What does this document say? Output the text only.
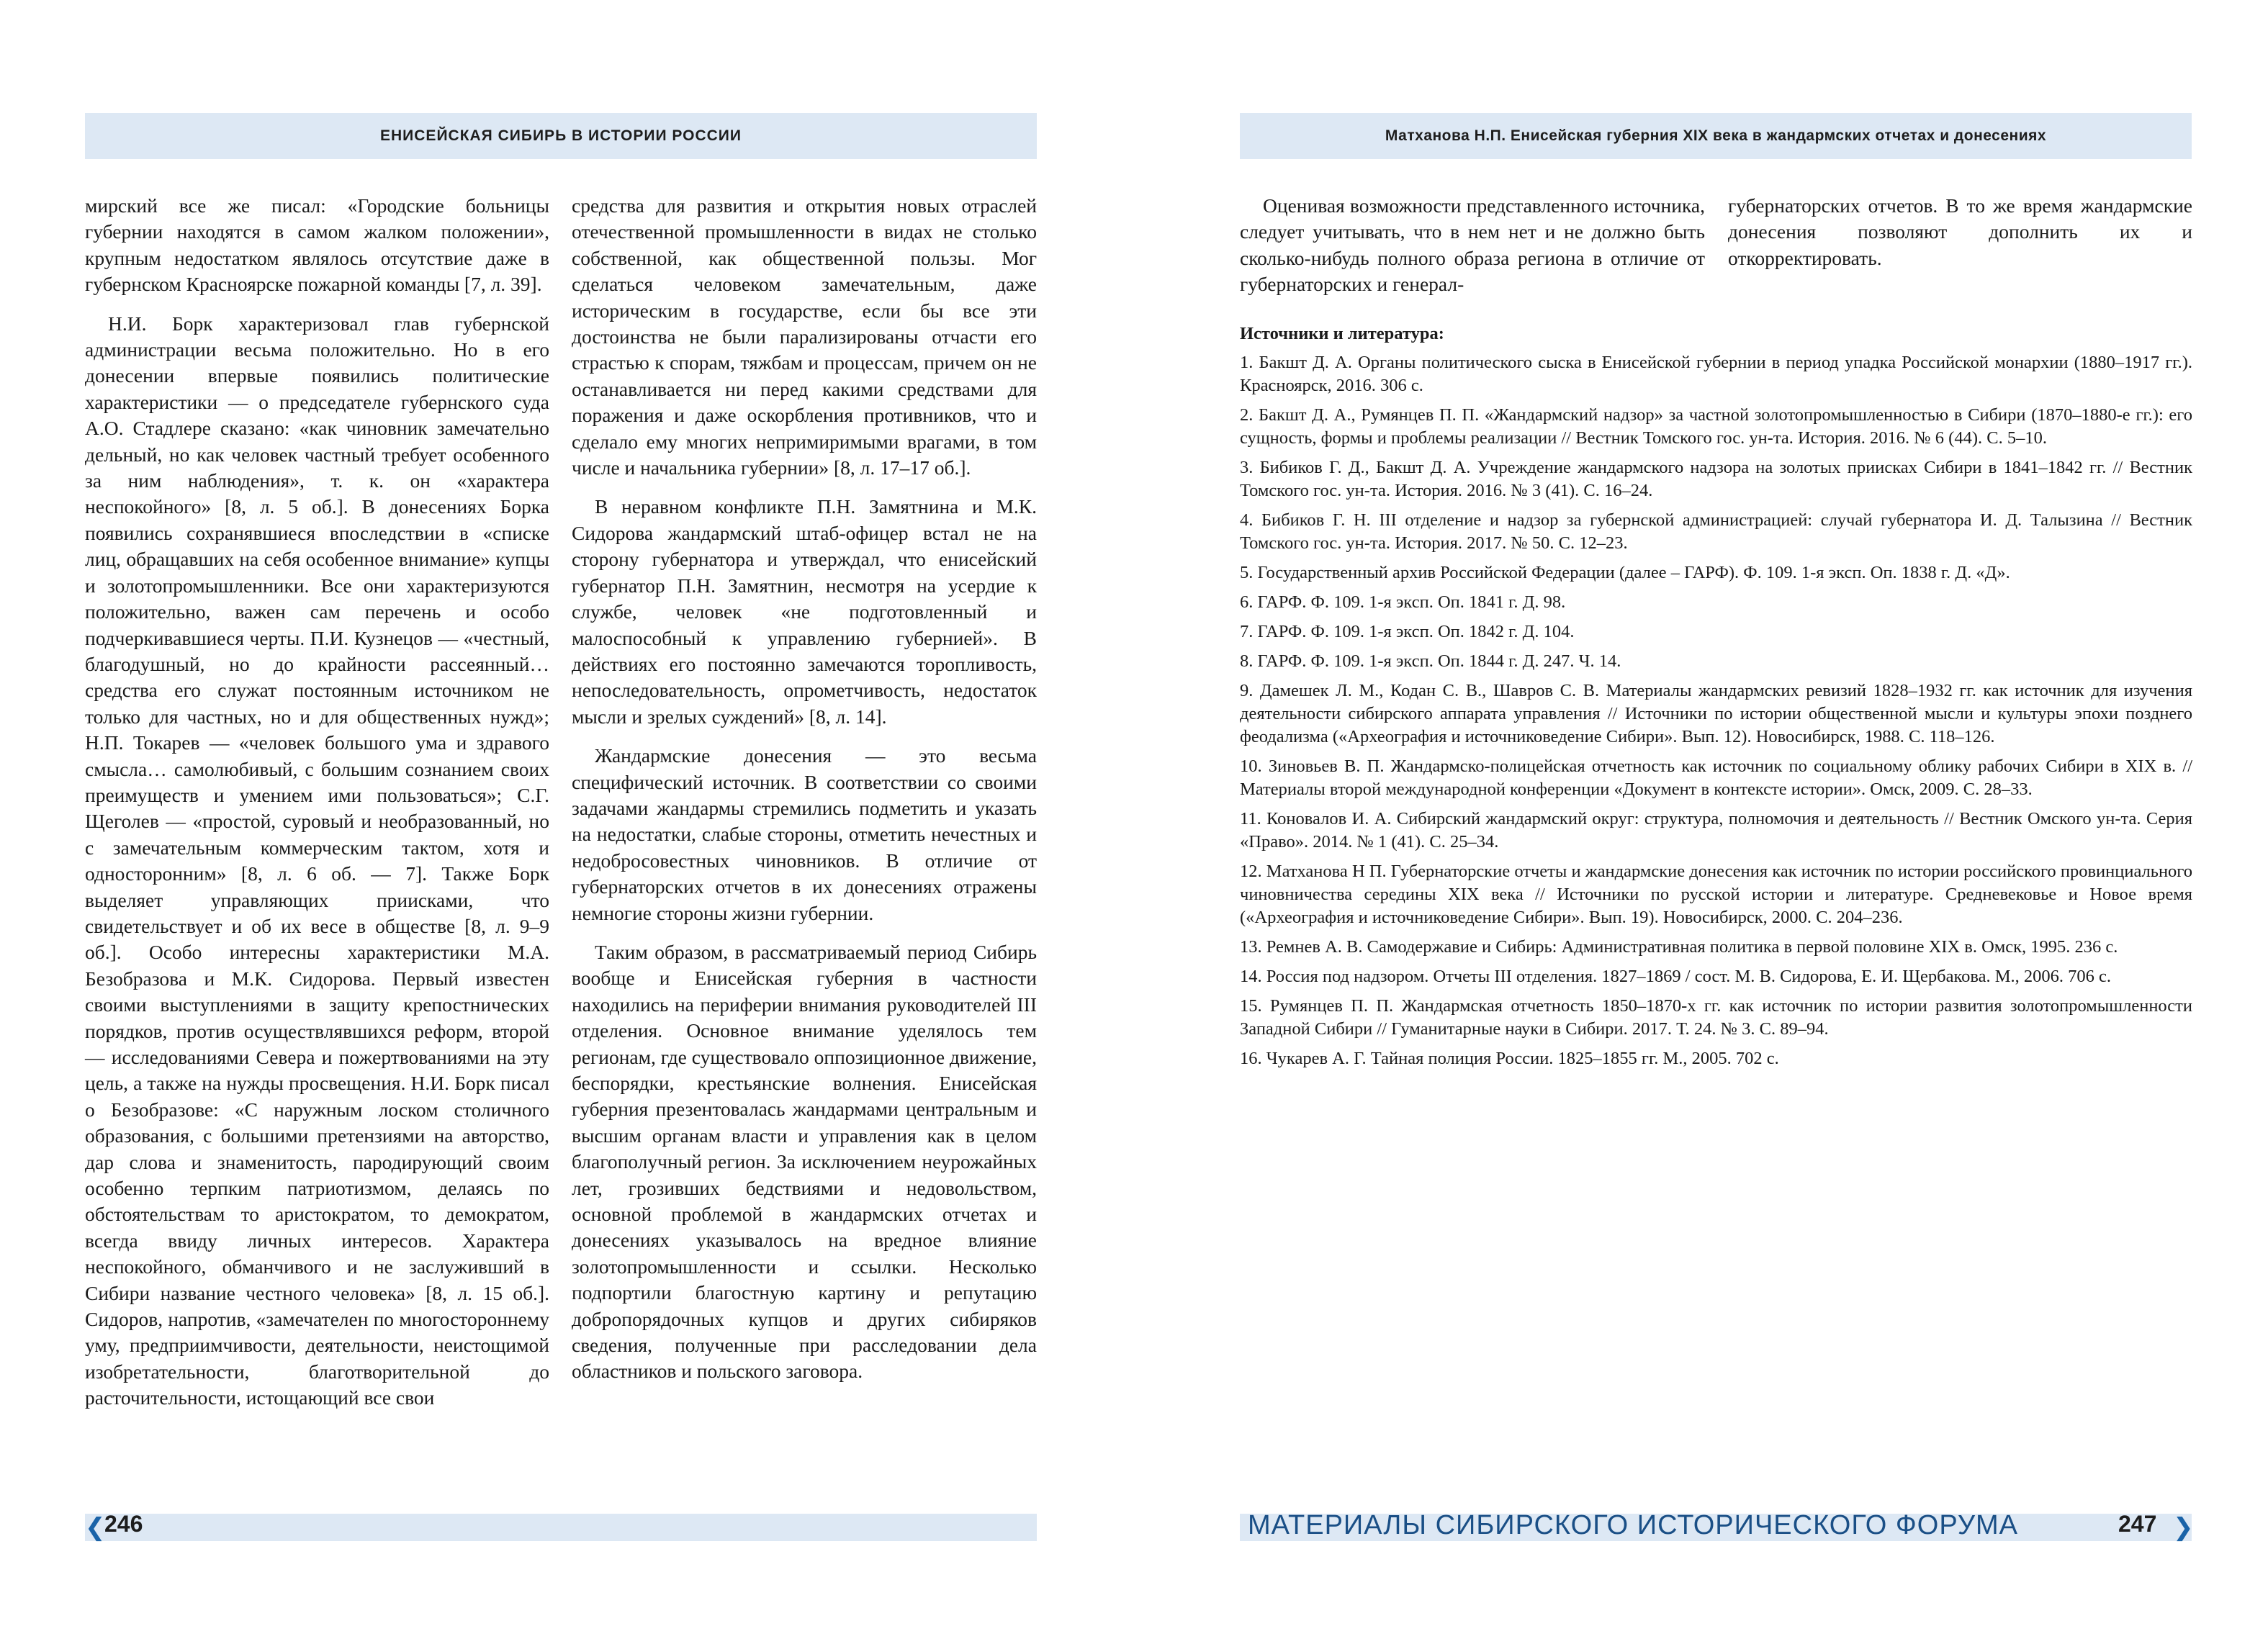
ЕНИСЕЙСКАЯ СИБИРЬ В ИСТОРИИ РОССИИ	Матханова Н.П. Енисейская губерния XIX века в жандармских отчетах и донесениях

мирский все же писал: «Городские больницы губернии находятся в самом жалком положении», крупным недостатком являлось отсутствие даже в губернском Красноярске пожарной команды [7, л. 39].

Н.И. Борк характеризовал глав губернской администрации весьма положительно. Но в его донесении впервые появились политические характеристики — о председателе губернского суда А.О. Стадлере сказано: «как чиновник замечательно дельный, но как человек частный требует особенного за ним наблюдения», т. к. он «характера неспокойного» [8, л. 5 об.]. В донесениях Борка появились сохранявшиеся впоследствии в «списке лиц, обращавших на себя особенное внимание» купцы и золотопромышленники. Все они характеризуются положительно, важен сам перечень и особо подчеркивавшиеся черты. П.И. Кузнецов — «честный, благодушный, но до крайности рассеянный… средства его служат постоянным источником не только для частных, но и для общественных нужд»; Н.П. Токарев — «человек большого ума и здравого смысла… самолюбивый, с большим сознанием своих преимуществ и умением ими пользоваться»; С.Г. Щеголев — «простой, суровый и необразованный, но с замечательным коммерческим тактом, хотя и односторонним» [8, л. 6 об. — 7]. Также Борк выделяет управляющих приисками, что свидетельствует и об их весе в обществе [8, л. 9–9 об.]. Особо интересны характеристики М.А. Безобразова и М.К. Сидорова. Первый известен своими выступлениями в защиту крепостнических порядков, против осуществлявшихся реформ, второй — исследованиями Севера и пожертвованиями на эту цель, а также на нужды просвещения. Н.И. Борк писал о Безобразове: «С наружным лоском столичного образования, с большими претензиями на авторство, дар слова и знаменитость, пародирующий своим особенно терпким патриотизмом, делаясь по обстоятельствам то аристократом, то демократом, всегда ввиду личных интересов. Характера неспокойного, обманчивого и не заслуживший в Сибири название честного человека» [8, л. 15 об.]. Сидоров, напротив, «замечателен по многостороннему уму, предприимчивости, деятельности, неистощимой изобретательности, благотворительной до расточительности, истощающий все свои

средства для развития и открытия новых отраслей отечественной промышленности в видах не столько собственной, как общественной пользы. Мог сделаться человеком замечательным, даже историческим в государстве, если бы все эти достоинства не были парализированы отчасти его страстью к спорам, тяжбам и процессам, причем он не останавливается ни перед какими средствами для поражения и даже оскорбления противников, что и сделало ему многих непримиримыми врагами, в том числе и начальника губернии» [8, л. 17–17 об.].

В неравном конфликте П.Н. Замятнина и М.К. Сидорова жандармский штаб-офицер встал не на сторону губернатора и утверждал, что енисейский губернатор П.Н. Замятнин, несмотря на усердие к службе, человек «не подготовленный и малоспособный к управлению губернией». В действиях его постоянно замечаются торопливость, непоследовательность, опрометчивость, недостаток мысли и зрелых суждений» [8, л. 14].

Жандармские донесения — это весьма специфический источник. В соответствии со своими задачами жандармы стремились подметить и указать на недостатки, слабые стороны, отметить нечестных и недобросовестных чиновников. В отличие от губернаторских отчетов в их донесениях отражены немногие стороны жизни губернии.

Таким образом, в рассматриваемый период Сибирь вообще и Енисейская губерния в частности находились на периферии внимания руководителей III отделения. Основное внимание уделялось тем регионам, где существовало оппозиционное движение, беспорядки, крестьянские волнения. Енисейская губерния презентовалась жандармами центральным и высшим органам власти и управления как в целом благополучный регион. За исключением неурожайных лет, грозивших бедствиями и недовольством, основной проблемой в жандармских отчетах и донесениях указывалось на вредное влияние золотопромышленности и ссылки. Несколько подпортили благостную картину и репутацию добропорядочных купцов и других сибиряков сведения, полученные при расследовании дела областников и польского заговора.

Оценивая возможности представленного источника, следует учитывать, что в нем нет и не должно быть сколько-нибудь полного образа региона в отличие от губернаторских и генерал-

губернаторских отчетов. В то же время жандармские донесения позволяют дополнить их и откорректировать.

Источники и литература:
1. Бакшт Д. А. Органы политического сыска в Енисейской губернии в период упадка Российской монархии (1880–1917 гг.). Красноярск, 2016. 306 с.
2. Бакшт Д. А., Румянцев П. П. «Жандармский надзор» за частной золотопромышленностью в Сибири (1870–1880-е гг.): его сущность, формы и проблемы реализации // Вестник Томского гос. ун-та. История. 2016. № 6 (44). С. 5–10.
3. Бибиков Г. Д., Бакшт Д. А. Учреждение жандармского надзора на золотых приисках Сибири в 1841–1842 гг. // Вестник Томского гос. ун-та. История. 2016. № 3 (41). С. 16–24.
4. Бибиков Г. Н. III отделение и надзор за губернской администрацией: случай губернатора И. Д. Талызина // Вестник Томского гос. ун-та. История. 2017. № 50. С. 12–23.
5. Государственный архив Российской Федерации (далее – ГАРФ). Ф. 109. 1-я эксп. Оп. 1838 г. Д. «Д».
6. ГАРФ. Ф. 109. 1-я эксп. Оп. 1841 г. Д. 98.
7. ГАРФ. Ф. 109. 1-я эксп. Оп. 1842 г. Д. 104.
8. ГАРФ. Ф. 109. 1-я эксп. Оп. 1844 г. Д. 247. Ч. 14.
9. Дамешек Л. М., Кодан С. В., Шавров С. В. Материалы жандармских ревизий 1828–1932 гг. как источник для изучения деятельности сибирского аппарата управления // Источники по истории общественной мысли и культуры эпохи позднего феодализма («Археография и источниковедение Сибири». Вып. 12). Новосибирск, 1988. С. 118–126.
10. Зиновьев В. П. Жандармско-полицейская отчетность как источник по социальному облику рабочих Сибири в XIX в. // Материалы второй международной конференции «Документ в контексте истории». Омск, 2009. С. 28–33.
11. Коновалов И. А. Сибирский жандармский округ: структура, полномочия и деятельность // Вестник Омского ун-та. Серия «Право». 2014. № 1 (41). С. 25–34.
12. Матханова Н П. Губернаторские отчеты и жандармские донесения как источник по истории российского провинциального чиновничества середины XIX века // Источники по русской истории и литературе. Средневековье и Новое время («Археография и источниковедение Сибири». Вып. 19). Новосибирск, 2000. С. 204–236.
13. Ремнев А. В. Самодержавие и Сибирь: Административная политика в первой половине XIX в. Омск, 1995. 236 с.
14. Россия под надзором. Отчеты III отделения. 1827–1869 / сост. М. В. Сидорова, Е. И. Щербакова. М., 2006. 706 с.
15. Румянцев П. П. Жандармская отчетность 1850–1870-х гг. как источник по истории развития золотопромышленности Западной Сибири // Гуманитарные науки в Сибири. 2017. Т. 24. № 3. С. 89–94.
16. Чукарев А. Г. Тайная полиция России. 1825–1855 гг. М., 2005. 702 с.
❮
246	МАТЕРИАЛЫ СИБИРСКОГО ИСТОРИЧЕСКОГО ФОРУМА	247 ❯
